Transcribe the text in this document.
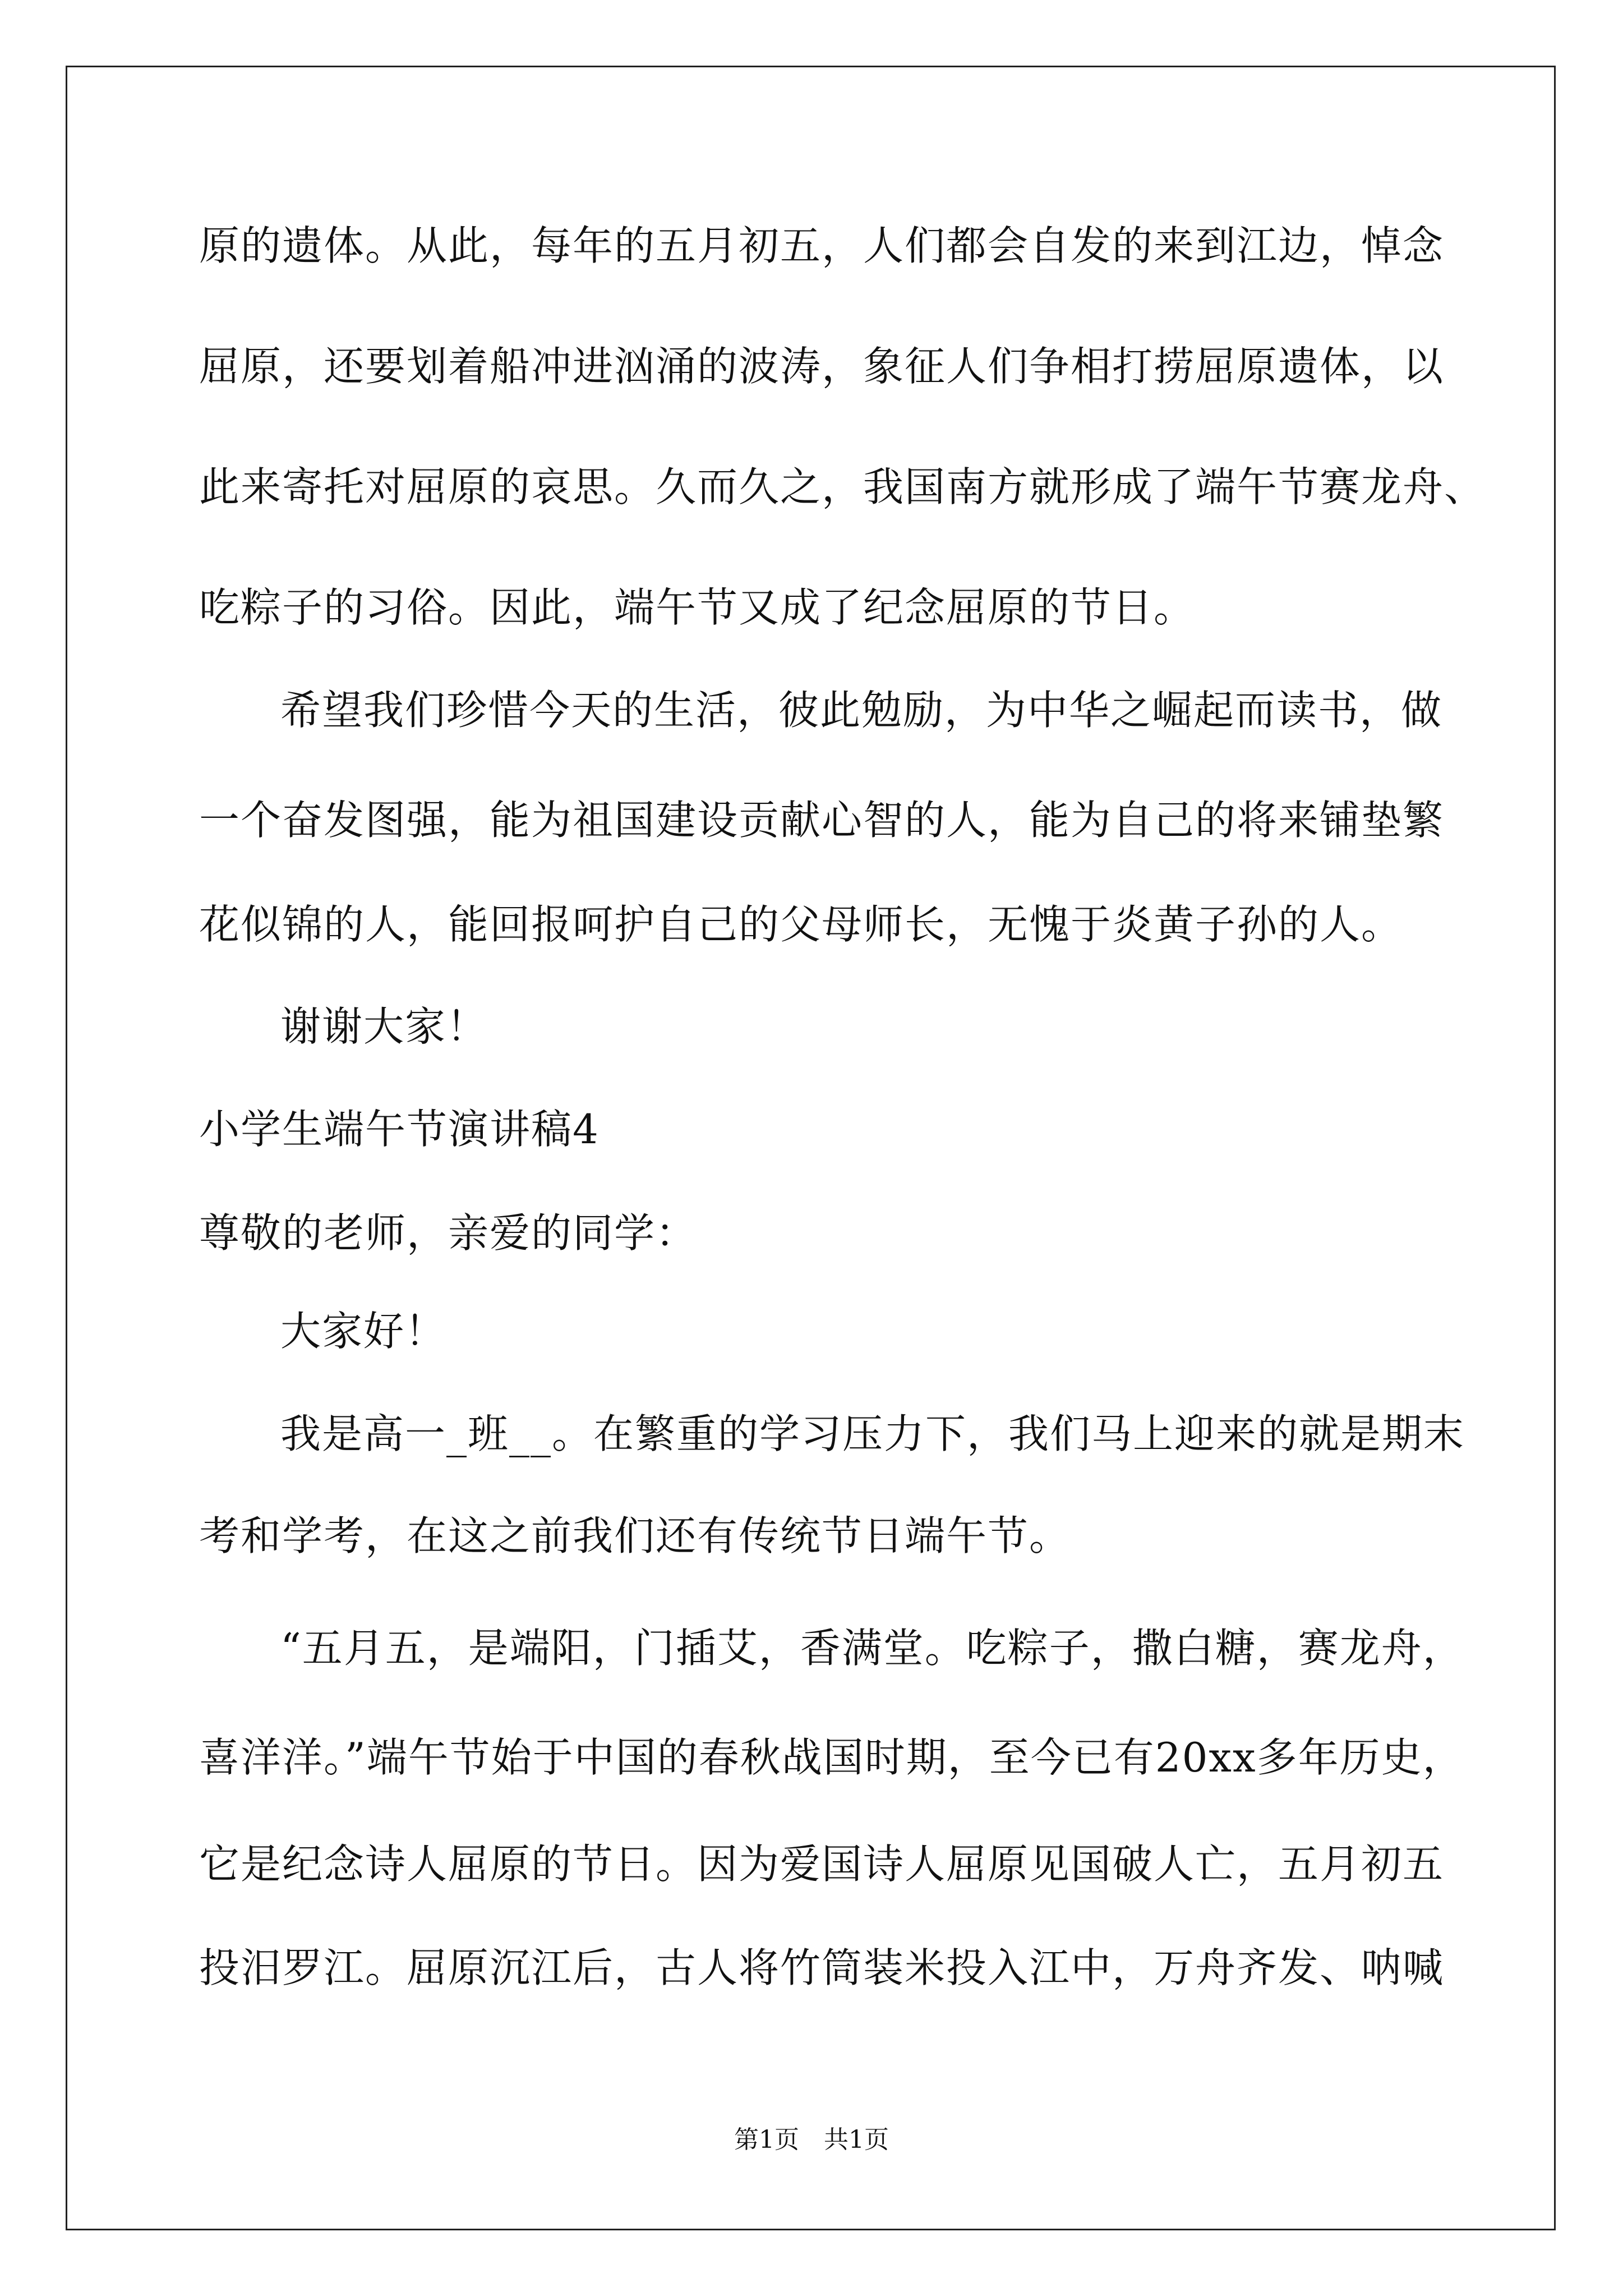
原的遗体。从此，每年的五月初五，人们都会自发的来到江边，悼念
屈原，还要划着船冲进汹涌的波涛，象征人们争相打捞屈原遗体，以
此来寄托对屈原的哀思。久而久之，我国南方就形成了端午节赛龙舟、
吃粽子的习俗。因此，端午节又成了纪念屈原的节日。
希望我们珍惜今天的生活，彼此勉励，为中华之崛起而读书，做
一个奋发图强，能为祖国建设贡献心智的人，能为自己的将来铺垫繁
花似锦的人，能回报呵护自己的父母师长，无愧于炎黄子孙的人。
谢谢大家！
小学生端午节演讲稿4
尊敬的老师，亲爱的同学：
大家好！
我是高一_班__。在繁重的学习压力下，我们马上迎来的就是期末
考和学考，在这之前我们还有传统节日端午节。
“五月五，是端阳，门插艾，香满堂。吃粽子，撒白糖，赛龙舟，
喜洋洋。”端午节始于中国的春秋战国时期，至今已有20xx多年历史，
它是纪念诗人屈原的节日。因为爱国诗人屈原见国破人亡，五月初五
投汨罗江。屈原沉江后，古人将竹筒装米投入江中，万舟齐发、呐喊
第1页　共1页
